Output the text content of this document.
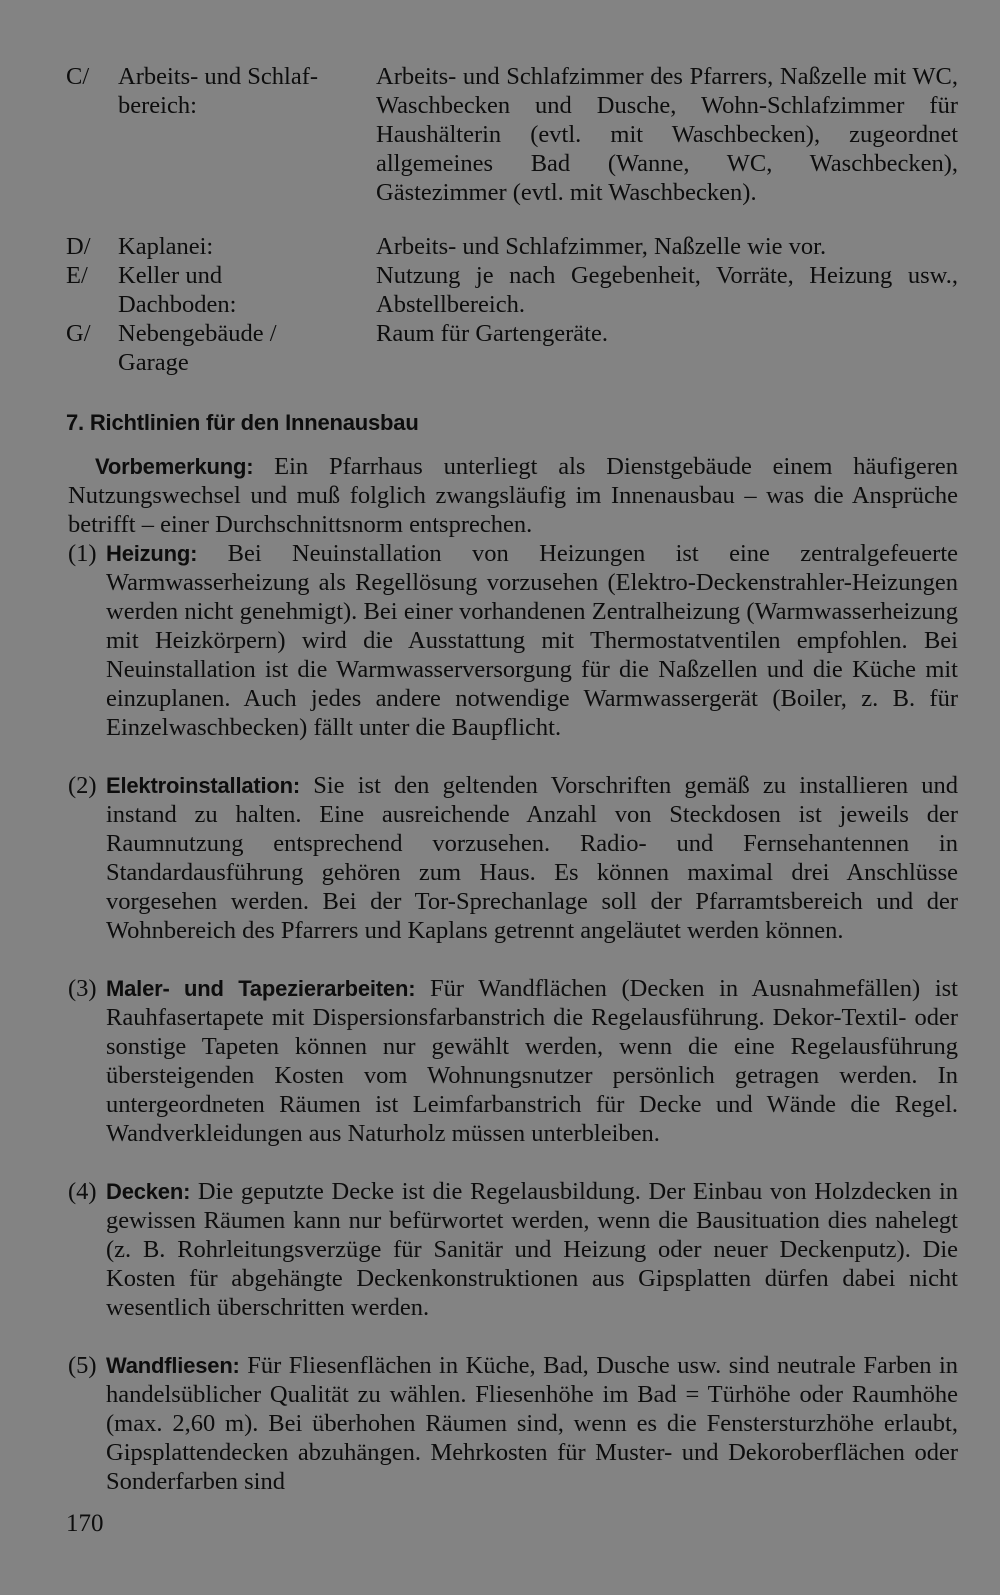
C/ Arbeits- und Schlaf- bereich:
Arbeits- und Schlafzimmer des Pfarrers, Naßzelle mit WC, Waschbecken und Dusche, Wohn-Schlafzimmer für Haushälterin (evtl. mit Waschbecken), zugeordnet allgemeines Bad (Wanne, WC, Waschbecken), Gästezimmer (evtl. mit Waschbecken).
D/ Kaplanei:	Arbeits- und Schlafzimmer, Naßzelle wie vor.
E/ Keller und Dachboden:
Nutzung je nach Gegebenheit, Vorräte, Heizung usw., Abstellbereich.
G/ Nebengebäude / Garage
Raum für Gartengeräte.
7. Richtlinien für den Innenausbau

Vorbemerkung: Ein Pfarrhaus unterliegt als Dienstgebäude einem häufigeren Nutzungswechsel und muß folglich zwangsläufig im Innenausbau – was die Ansprüche betrifft – einer Durchschnittsnorm entsprechen.

(1) Heizung: Bei Neuinstallation von Heizungen ist eine zentralgefeuerte Warmwasserheizung als Regellösung vorzusehen (Elektro-Deckenstrahler-Heizungen werden nicht genehmigt). Bei einer vorhandenen Zentralheizung (Warmwasserheizung mit Heizkörpern) wird die Ausstattung mit Thermostatventilen empfohlen. Bei Neuinstallation ist die Warmwasserversorgung für die Naßzellen und die Küche mit einzuplanen. Auch jedes andere notwendige Warmwassergerät (Boiler, z. B. für Einzelwaschbecken) fällt unter die Baupflicht.
(2) Elektroinstallation: Sie ist den geltenden Vorschriften gemäß zu installieren und instand zu halten. Eine ausreichende Anzahl von Steckdosen ist jeweils der Raumnutzung entsprechend vorzusehen. Radio- und Fernsehantennen in Standardausführung gehören zum Haus. Es können maximal drei Anschlüsse vorgesehen werden. Bei der Tor-Sprechanlage soll der Pfarramtsbereich und der Wohnbereich des Pfarrers und Kaplans getrennt angeläutet werden können.
(3) Maler- und Tapezierarbeiten: Für Wandflächen (Decken in Ausnahmefällen) ist Rauhfasertapete mit Dispersionsfarbanstrich die Regelausführung. Dekor-Textil- oder sonstige Tapeten können nur gewählt werden, wenn die eine Regelausführung übersteigenden Kosten vom Wohnungsnutzer persönlich getragen werden. In untergeordneten Räumen ist Leimfarbanstrich für Decke und Wände die Regel. Wandverkleidungen aus Naturholz müssen unterbleiben.
(4) Decken: Die geputzte Decke ist die Regelausbildung. Der Einbau von Holzdecken in gewissen Räumen kann nur befürwortet werden, wenn die Bausituation dies nahelegt (z. B. Rohrleitungsverzüge für Sanitär und Heizung oder neuer Deckenputz). Die Kosten für abgehängte Deckenkonstruktionen aus Gipsplatten dürfen dabei nicht wesentlich überschritten werden.
(5) Wandfliesen: Für Fliesenflächen in Küche, Bad, Dusche usw. sind neutrale Farben in handelsüblicher Qualität zu wählen. Fliesenhöhe im Bad = Türhöhe oder Raumhöhe (max. 2,60 m). Bei überhohen Räumen sind, wenn es die Fenstersturzhöhe erlaubt, Gipsplattendecken abzuhängen. Mehrkosten für Muster- und Dekoroberflächen oder Sonderfarben sind
170
